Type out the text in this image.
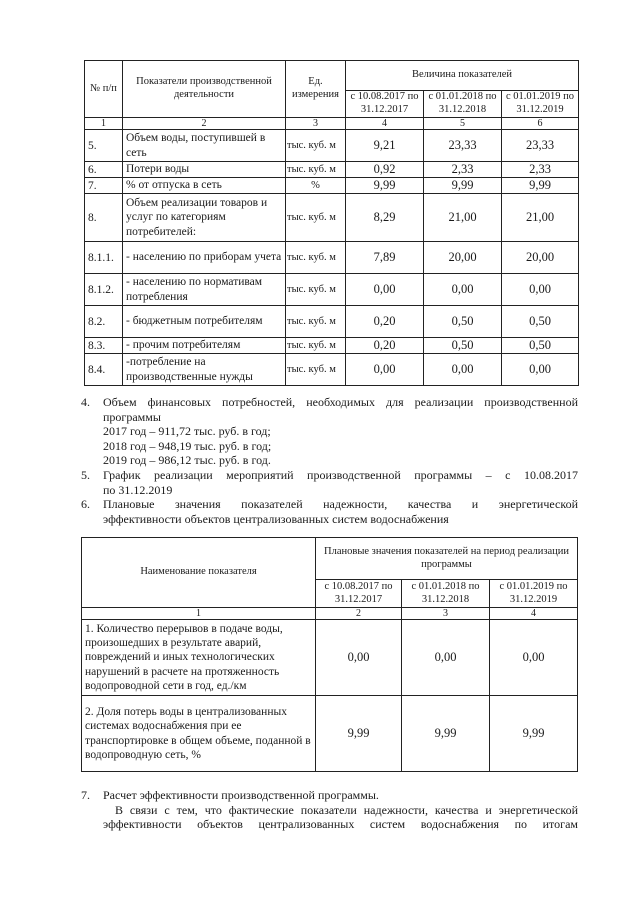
№ п/п	Показатели производственной деятельности	Ед. измерения	Величина показателей		
			с 10.08.2017 по 31.12.2017	с 01.01.2018 по 31.12.2018	с 01.01.2019 по 31.12.2019
1	2	3	4	5	6
5.	Объем воды, поступившей в сеть	тыс. куб. м	9,21	23,33	23,33
6.	Потери воды	тыс. куб. м	0,92	2,33	2,33
7.	% от отпуска в сеть	%	9,99	9,99	9,99
8.	Объем реализации товаров и услуг по категориям потребителей:	тыс. куб. м	8,29	21,00	21,00
8.1.1.	- населению по приборам учета	тыс. куб. м	7,89	20,00	20,00
8.1.2.	- населению по нормативам потребления	тыс. куб. м	0,00	0,00	0,00
8.2.	- бюджетным потребителям	тыс. куб. м	0,20	0,50	0,50
8.3.	- прочим потребителям	тыс. куб. м	0,20	0,50	0,50
8.4.	-потребление на производственные нужды	тыс. куб. м	0,00	0,00	0,00
4. Объем финансовых потребностей, необходимых для реализации производственной
программы
2017 год – 911,72 тыс. руб. в год;
2018 год – 948,19 тыс. руб. в год;
2019 год – 986,12 тыс. руб. в год.
5. График реализации мероприятий производственной программы – с 10.08.2017
по 31.12.2019
6. Плановые значения показателей надежности, качества и энергетической
эффективности объектов централизованных систем водоснабжения
Наименование показателя	Плановые значения показателей на период реализации программы		
	с 10.08.2017 по 31.12.2017	с 01.01.2018 по 31.12.2018	с 01.01.2019 по 31.12.2019
1	2	3	4
1. Количество перерывов в подаче воды, произошедших в результате аварий, повреждений и иных технологических нарушений в расчете на протяженность водопроводной сети в год, ед./км	0,00	0,00	0,00
2. Доля потерь воды в централизованных системах водоснабжения при ее транспортировке в общем объеме, поданной в водопроводную сеть, %	9,99	9,99	9,99
7. Расчет эффективности производственной программы.
В связи с тем, что фактические показатели надежности, качества и энергетической
эффективности объектов централизованных систем водоснабжения по итогам
